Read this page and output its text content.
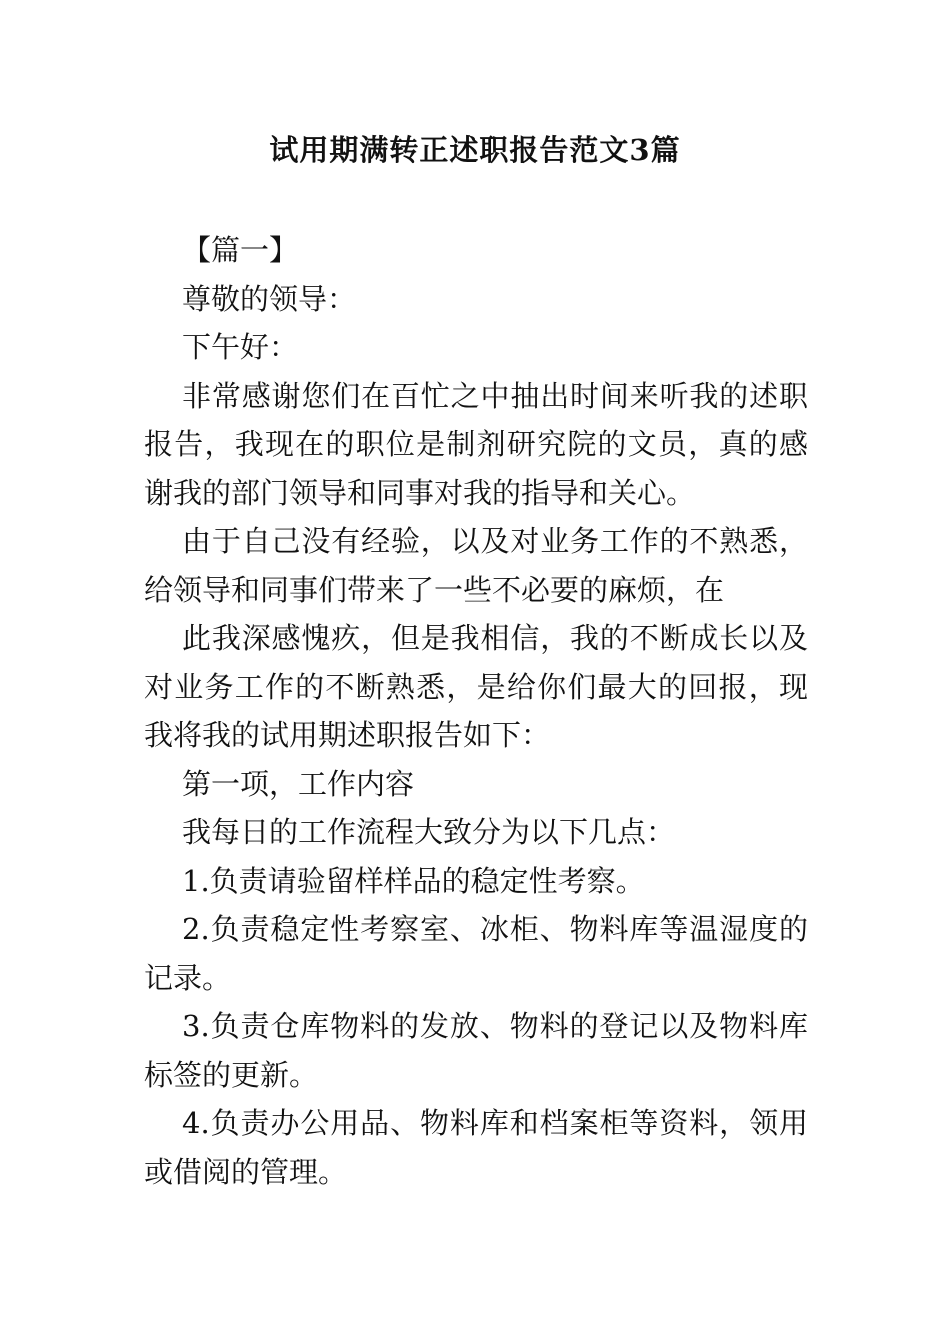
试用期满转正述职报告范文3篇

【篇一】

尊敬的领导：

下午好：

非常感谢您们在百忙之中抽出时间来听我的述职报告，我现在的职位是制剂研究院的文员，真的感谢我的部门领导和同事对我的指导和关心。

由于自己没有经验，以及对业务工作的不熟悉，给领导和同事们带来了一些不必要的麻烦，在

此我深感愧疚，但是我相信，我的不断成长以及对业务工作的不断熟悉，是给你们最大的回报，现我将我的试用期述职报告如下：

第一项，工作内容

我每日的工作流程大致分为以下几点：

1.负责请验留样样品的稳定性考察。

2.负责稳定性考察室、冰柜、物料库等温湿度的记录。

3.负责仓库物料的发放、物料的登记以及物料库标签的更新。

4.负责办公用品、物料库和档案柜等资料，领用或借阅的管理。
